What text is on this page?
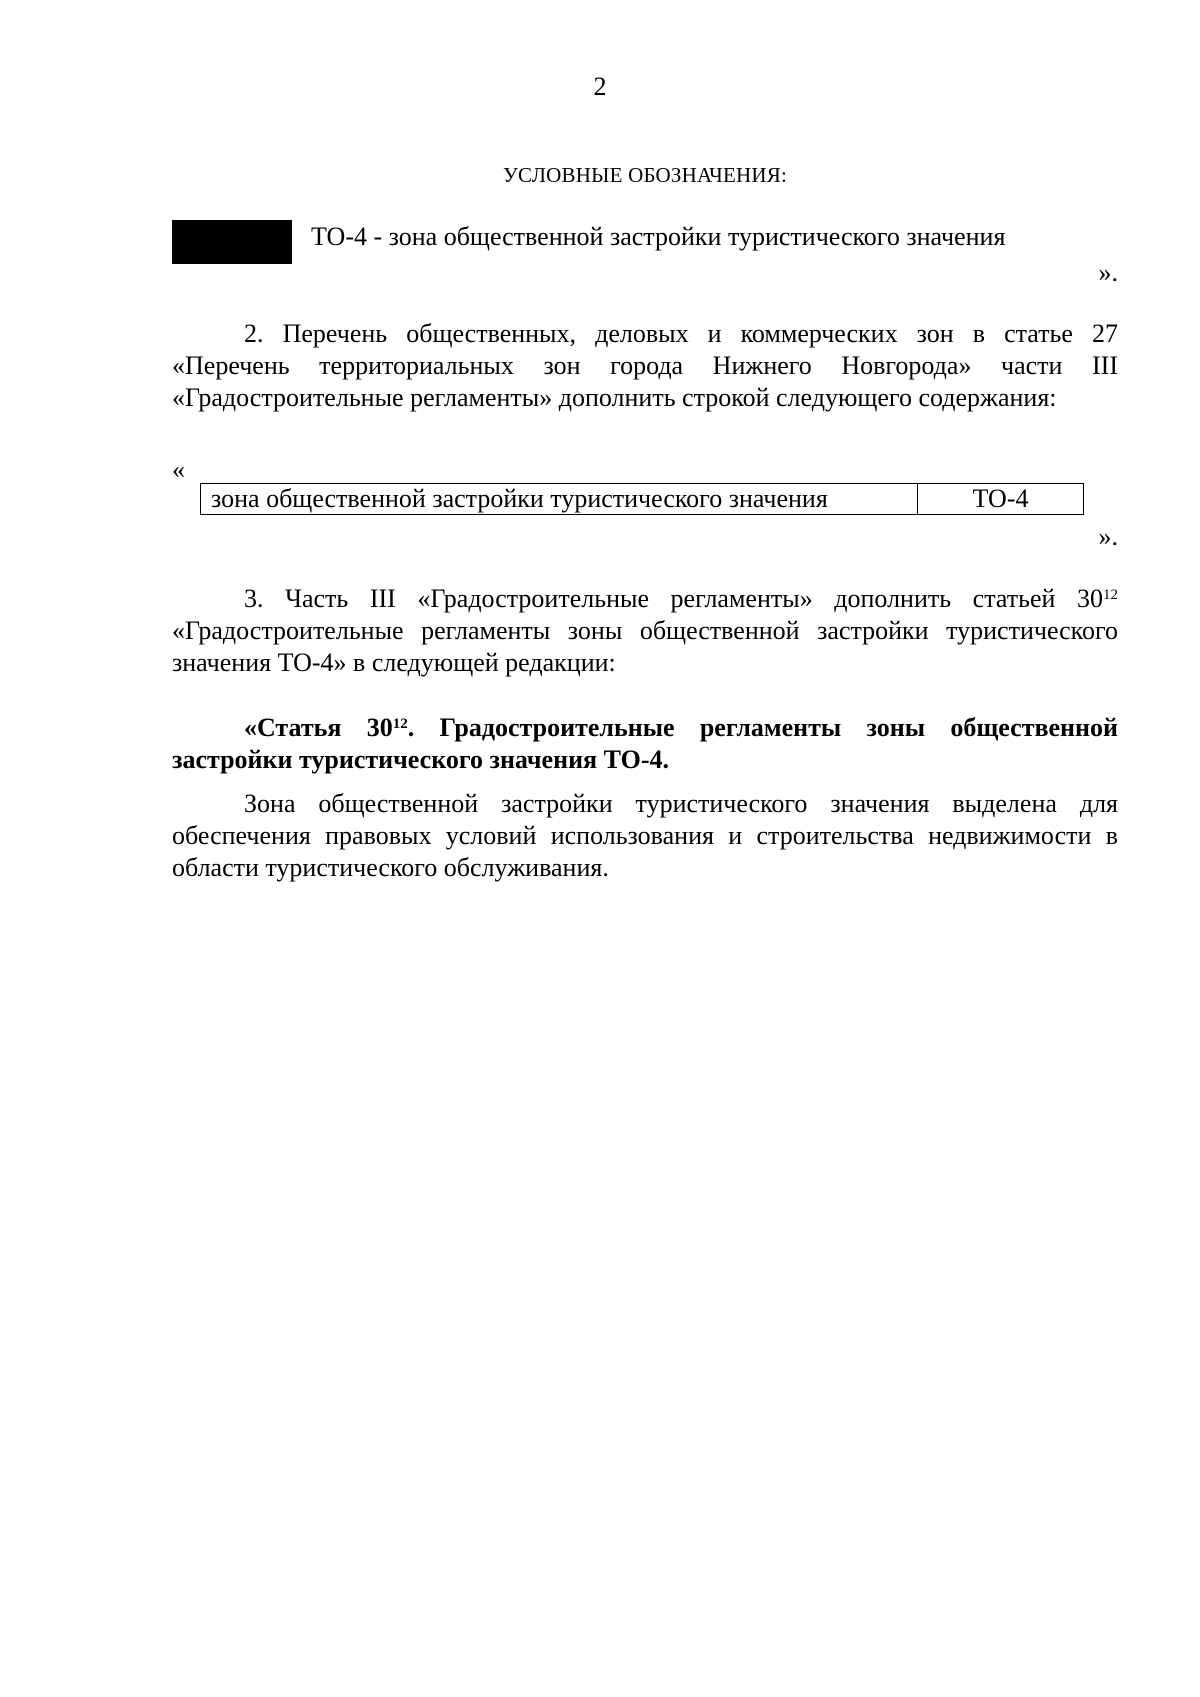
2
УСЛОВНЫЕ ОБОЗНАЧЕНИЯ:
ТО-4 - зона общественной застройки туристического значения
».

2. Перечень общественных, деловых и коммерческих зон в статье 27 «Перечень территориальных зон города Нижнего Новгорода» части III «Градостроительные регламенты» дополнить строкой следующего содержания:

«
зона общественной застройки туристического значения	ТО-4
».

3. Часть III «Градостроительные регламенты» дополнить статьей $30^{12}$ «Градостроительные регламенты зоны общественной застройки туристического значения ТО-4» в следующей редакции:

«Статья $30^{12}$. Градостроительные регламенты зоны общественной застройки туристического значения ТО-4.

Зона общественной застройки туристического значения выделена для обеспечения правовых условий использования и строительства недвижимости в области туристического обслуживания.
